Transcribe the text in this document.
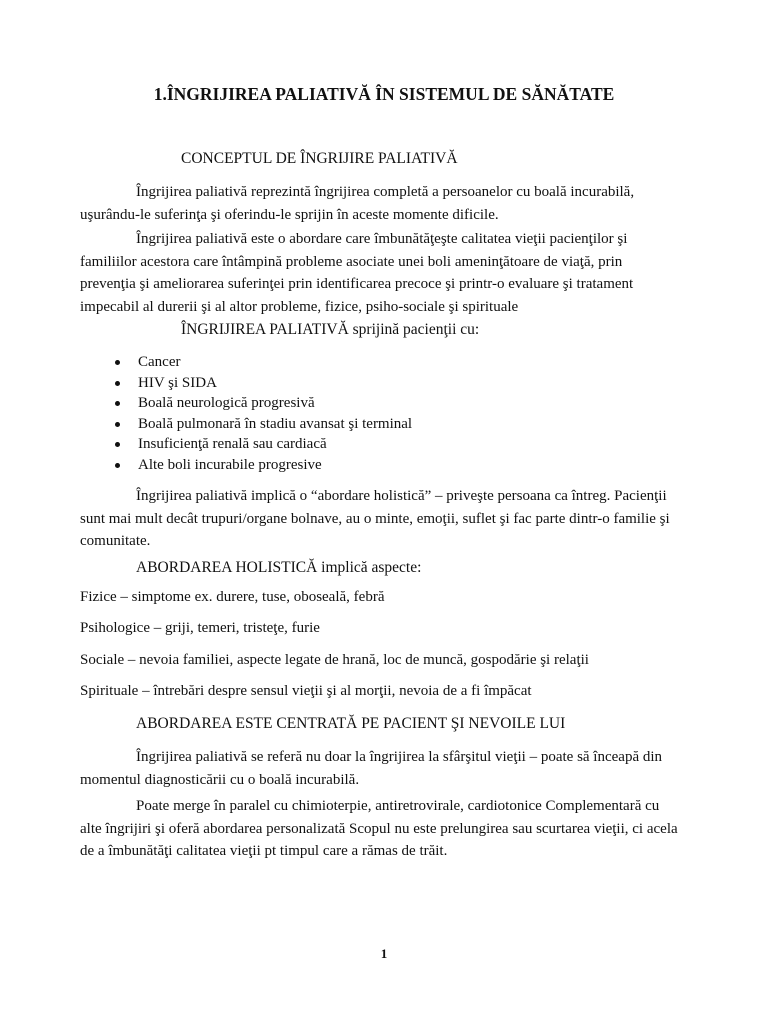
1.ÎNGRIJIREA PALIATIVĂ ÎN SISTEMUL DE SĂNĂTATE

CONCEPTUL DE ÎNGRIJIRE PALIATIVĂ

Îngrijirea paliativă reprezintă îngrijirea completă a persoanelor cu boală incurabilă, uşurându-le suferinţa şi oferindu-le sprijin în aceste momente dificile.

Îngrijirea paliativă este o abordare care îmbunătăţeşte calitatea vieţii pacienţilor şi familiilor acestora care întâmpină probleme asociate unei boli ameninţătoare de viaţă, prin prevenţia şi ameliorarea suferinţei prin identificarea precoce şi printr-o evaluare şi tratament impecabil al durerii şi al altor probleme, fizice, psiho-sociale şi spirituale

ÎNGRIJIREA PALIATIVĂ sprijină pacienţii cu:

Cancer
HIV şi SIDA
Boală neurologică progresivă
Boală pulmonară în stadiu avansat şi terminal
Insuficienţă renală sau cardiacă
Alte boli incurabile progresive

Îngrijirea paliativă implică o “abordare holistică” – priveşte persoana ca întreg. Pacienţii sunt mai mult decât trupuri/organe bolnave, au o minte, emoţii, suflet şi fac parte dintr-o familie şi comunitate.

ABORDAREA HOLISTICĂ implică aspecte:

Fizice – simptome ex. durere, tuse, oboseală, febră

Psihologice – griji, temeri, tristeţe, furie

Sociale – nevoia familiei, aspecte legate de hrană, loc de muncă, gospodărie şi relaţii

Spirituale – întrebări despre sensul vieţii şi al morţii, nevoia de a fi împăcat

ABORDAREA ESTE CENTRATĂ PE PACIENT ŞI NEVOILE LUI

Îngrijirea paliativă se referă nu doar la îngrijirea la sfârşitul vieţii – poate să înceapă din momentul diagnosticării cu o boală incurabilă.

Poate merge în paralel cu chimioterpie, antiretrovirale, cardiotonice Complementară cu alte îngrijiri şi oferă abordarea personalizată Scopul nu este prelungirea sau scurtarea vieţii, ci acela de a îmbunătăţi calitatea vieţii pt timpul care a rămas de trăit.

1
